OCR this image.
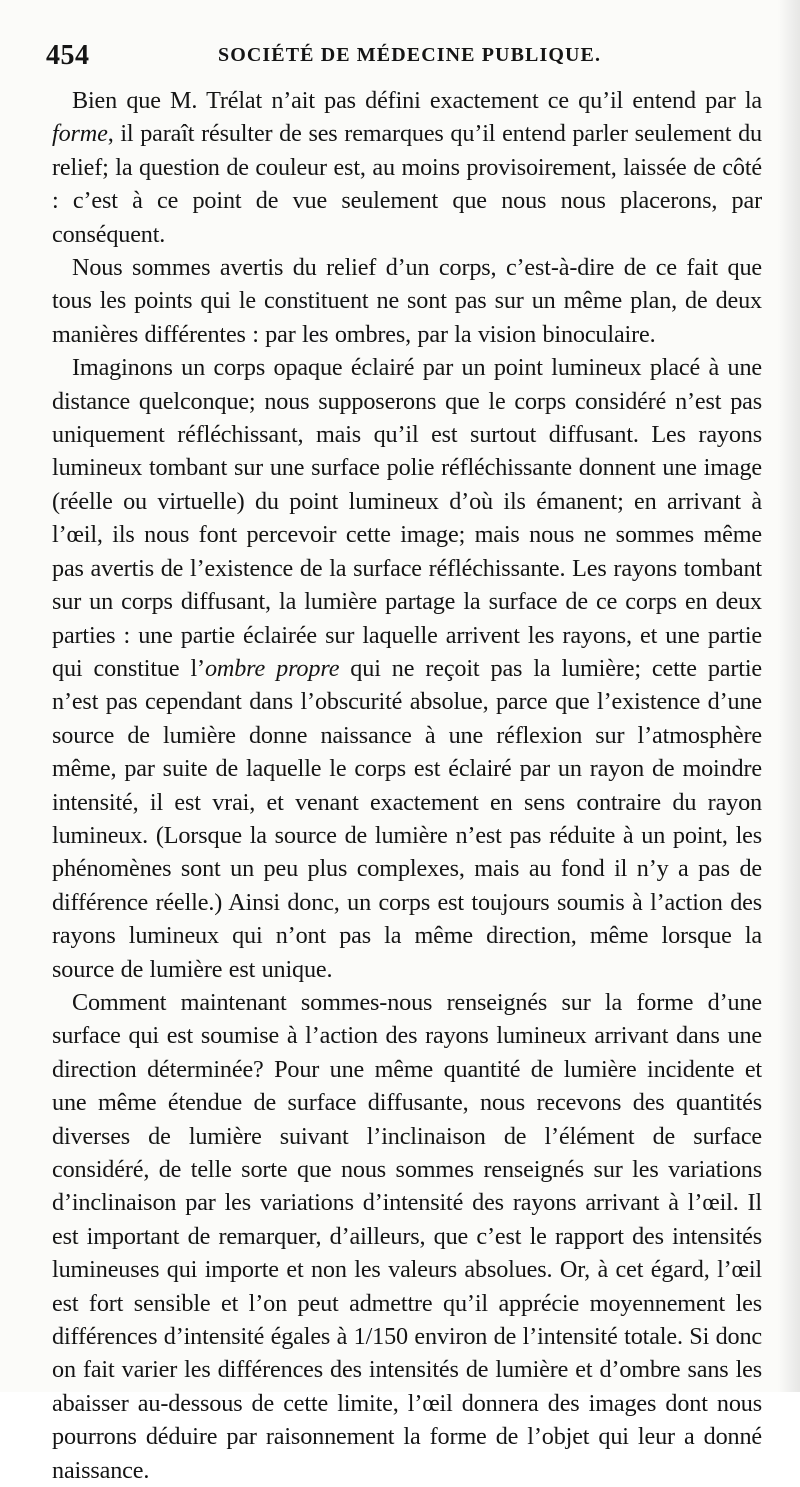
454	SOCIÉTÉ DE MÉDECINE PUBLIQUE.

Bien que M. Trélat n’ait pas défini exactement ce qu’il entend par la forme, il paraît résulter de ses remarques qu’il entend parler seulement du relief; la question de couleur est, au moins provisoirement, laissée de côté : c’est à ce point de vue seulement que nous nous placerons, par conséquent.

Nous sommes avertis du relief d’un corps, c’est-à-dire de ce fait que tous les points qui le constituent ne sont pas sur un même plan, de deux manières différentes : par les ombres, par la vision binoculaire.

Imaginons un corps opaque éclairé par un point lumineux placé à une distance quelconque; nous supposerons que le corps considéré n’est pas uniquement réfléchissant, mais qu’il est surtout diffusant. Les rayons lumineux tombant sur une surface polie réfléchissante donnent une image (réelle ou virtuelle) du point lumineux d’où ils émanent; en arrivant à l’œil, ils nous font percevoir cette image; mais nous ne sommes même pas avertis de l’existence de la surface réfléchissante. Les rayons tombant sur un corps diffusant, la lumière partage la surface de ce corps en deux parties : une partie éclairée sur laquelle arrivent les rayons, et une partie qui constitue l’ombre propre qui ne reçoit pas la lumière; cette partie n’est pas cependant dans l’obscurité absolue, parce que l’existence d’une source de lumière donne naissance à une réflexion sur l’atmosphère même, par suite de laquelle le corps est éclairé par un rayon de moindre intensité, il est vrai, et venant exactement en sens contraire du rayon lumineux. (Lorsque la source de lumière n’est pas réduite à un point, les phénomènes sont un peu plus complexes, mais au fond il n’y a pas de différence réelle.) Ainsi donc, un corps est toujours soumis à l’action des rayons lumineux qui n’ont pas la même direction, même lorsque la source de lumière est unique.

Comment maintenant sommes-nous renseignés sur la forme d’une surface qui est soumise à l’action des rayons lumineux arrivant dans une direction déterminée? Pour une même quantité de lumière incidente et une même étendue de surface diffusante, nous recevons des quantités diverses de lumière suivant l’inclinaison de l’élément de surface considéré, de telle sorte que nous sommes renseignés sur les variations d’inclinaison par les variations d’intensité des rayons arrivant à l’œil. Il est important de remarquer, d’ailleurs, que c’est le rapport des intensités lumineuses qui importe et non les valeurs absolues. Or, à cet égard, l’œil est fort sensible et l’on peut admettre qu’il apprécie moyennement les différences d’intensité égales à 1/150 environ de l’intensité totale. Si donc on fait varier les différences des intensités de lumière et d’ombre sans les abaisser au-dessous de cette limite, l’œil donnera des images dont nous pourrons déduire par raisonnement la forme de l’objet qui leur a donné naissance.
